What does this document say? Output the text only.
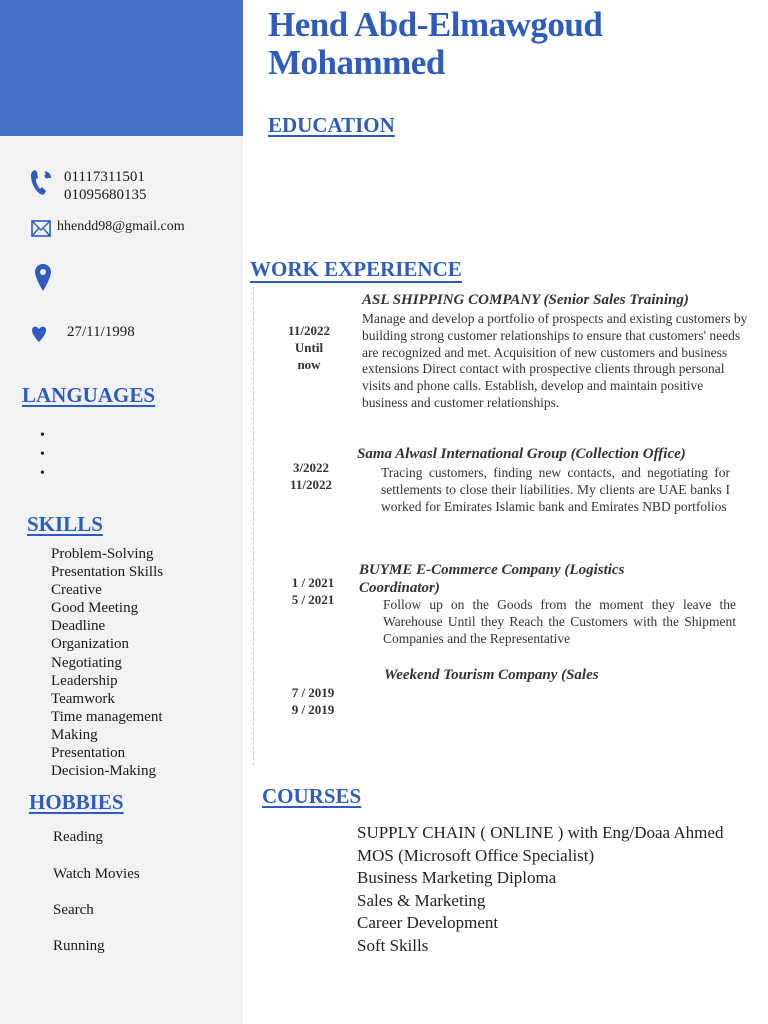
Hend Abd-Elmawgoud
Mohammed
EDUCATION
01117311501
01095680135
hhendd98@gmail.com
27/11/1998
LANGUAGES
•
•
•
SKILLS
Problem-Solving
Presentation Skills
Creative
Good Meeting
Deadline
Organization
Negotiating
Leadership
Teamwork
Time management
Making
Presentation
Decision-Making
HOBBIES
Reading
Watch Movies
Search
Running
WORK EXPERIENCE
11/2022
Until
now
ASL SHIPPING COMPANY (Senior Sales Training)
Manage and develop a portfolio of prospects and existing customers by building strong customer relationships to ensure that customers' needs are recognized and met. Acquisition of new customers and business extensions Direct contact with prospective clients through personal visits and phone calls. Establish, develop and maintain positive business and customer relationships.
3/2022
11/2022
Sama Alwasl International Group (Collection Office)
Tracing customers, finding new contacts, and negotiating for settlements to close their liabilities. My clients are UAE banks I worked for Emirates Islamic bank and Emirates NBD portfolios
1 / 2021
5 / 2021
BUYME E-Commerce Company (Logistics Coordinator)
Follow up on the Goods from the moment they leave the Warehouse Until they Reach the Customers with the Shipment Companies and the Representative
7 / 2019
9 / 2019
Weekend Tourism Company (Sales
COURSES
SUPPLY CHAIN ( ONLINE ) with Eng/Doaa Ahmed
MOS (Microsoft Office Specialist)
Business Marketing Diploma
Sales & Marketing
Career Development
Soft Skills
